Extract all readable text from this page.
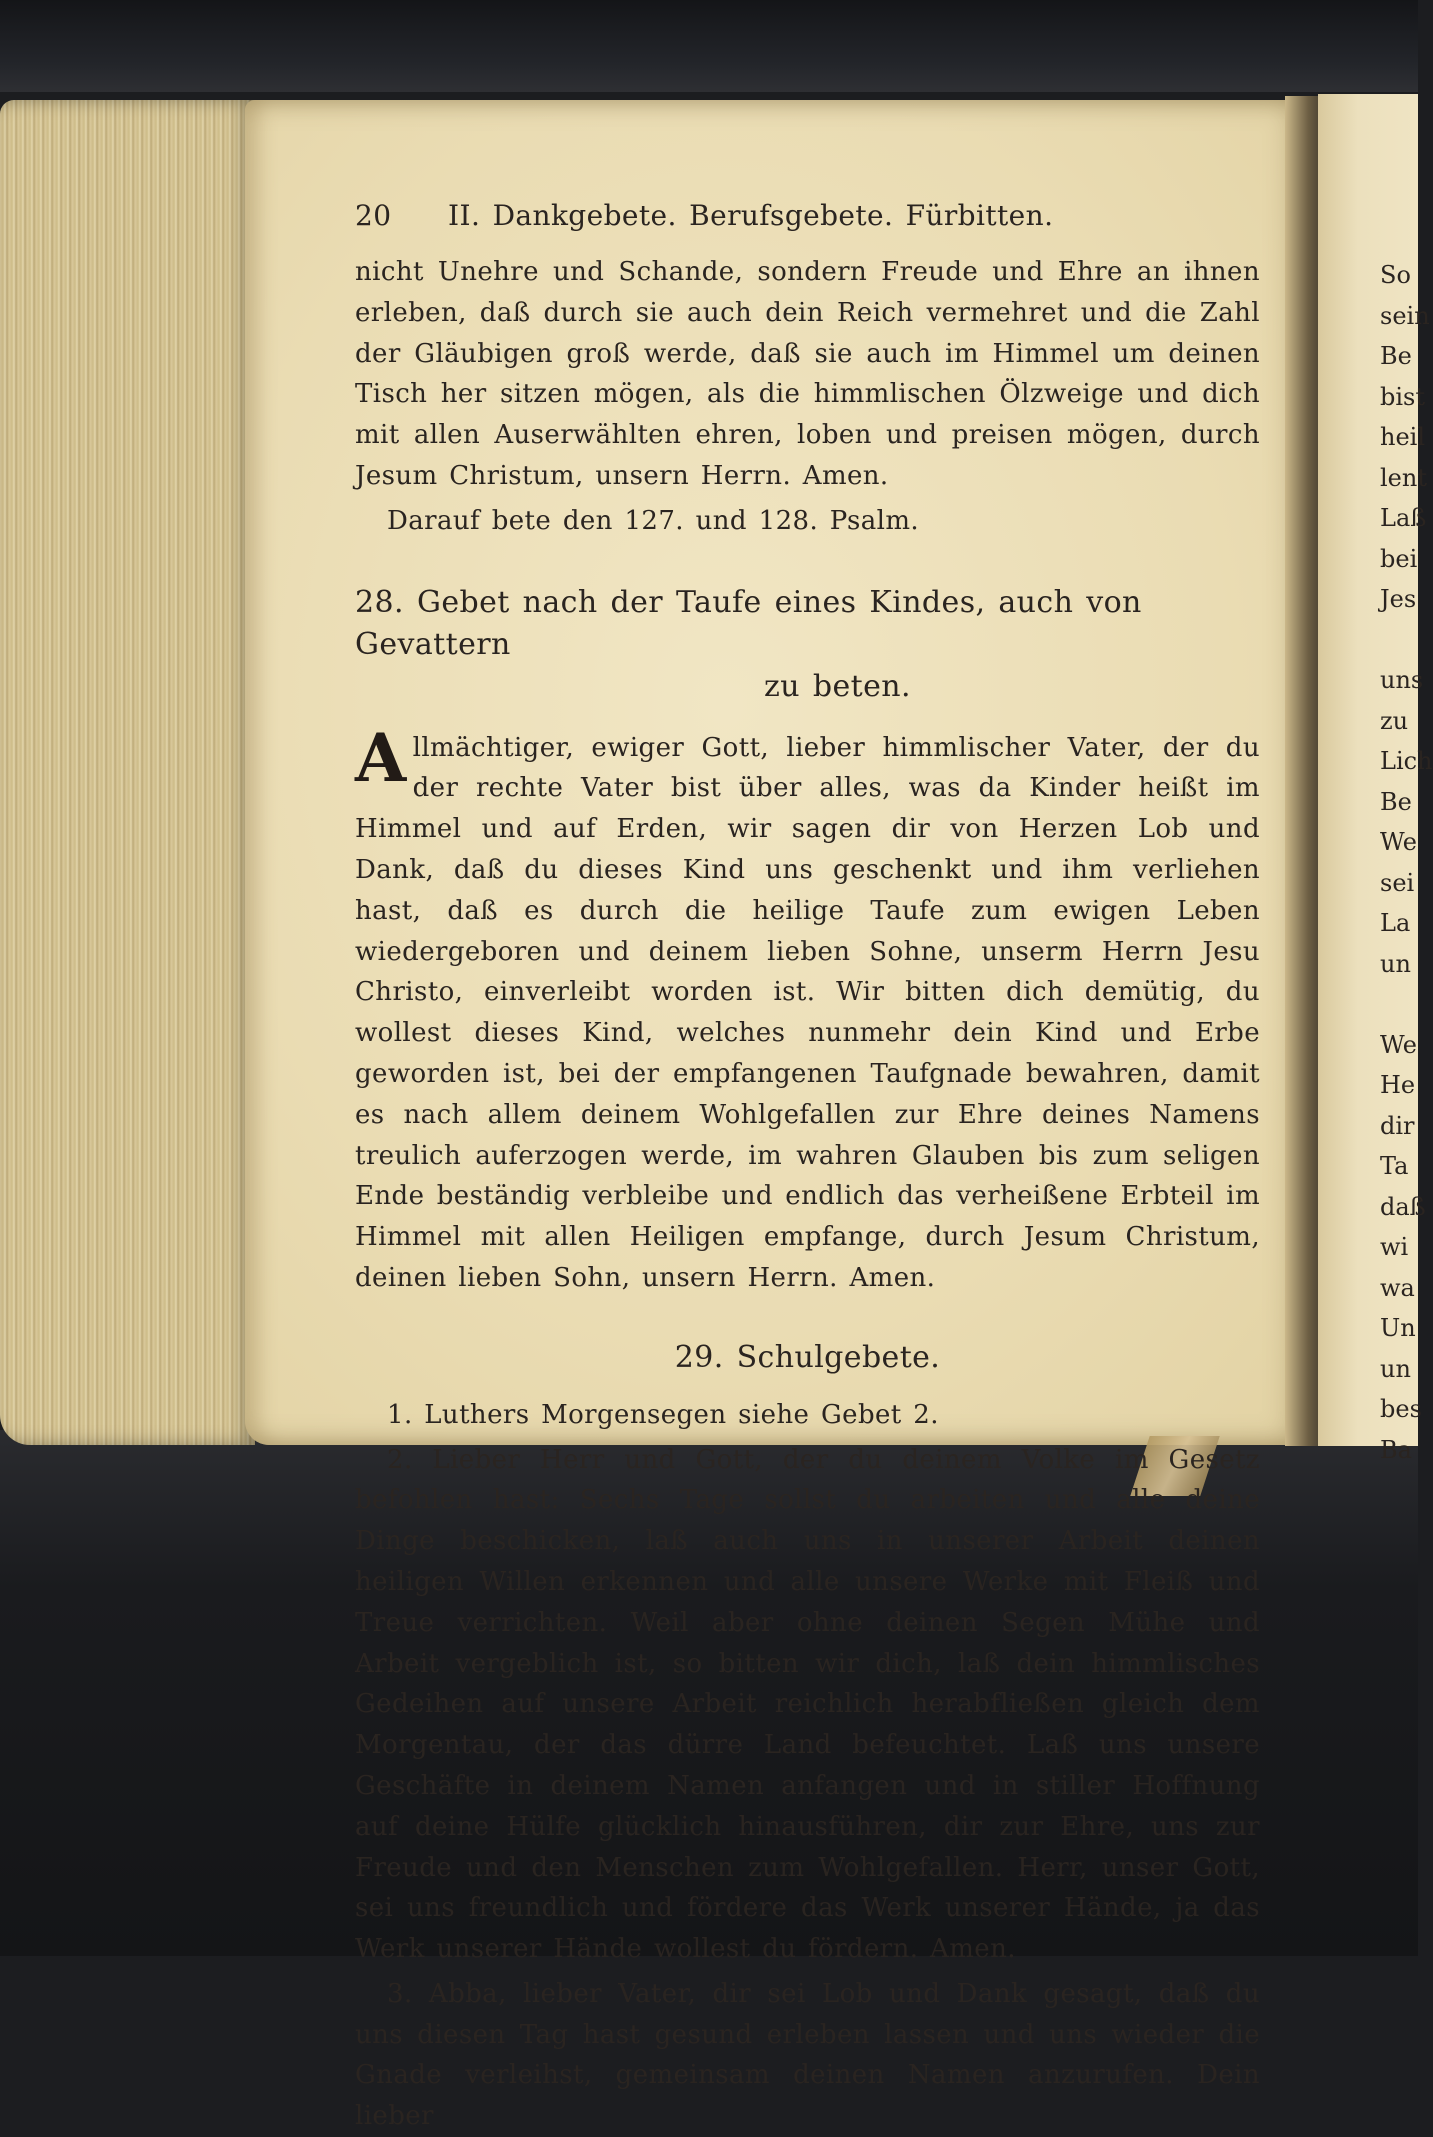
20	II. Dankgebete. Berufsgebete. Fürbitten.

nicht Unehre und Schande, sondern Freude und Ehre an ihnen erleben, daß durch sie auch dein Reich vermehret und die Zahl der Gläubigen groß werde, daß sie auch im Himmel um deinen Tisch her sitzen mögen, als die himmlischen Ölzweige und dich mit allen Auserwählten ehren, loben und preisen mögen, durch Jesum Christum, unsern Herrn. Amen.

Darauf bete den 127. und 128. Psalm.

28. Gebet nach der Taufe eines Kindes, auch von Gevattern
zu beten.

Allmächtiger, ewiger Gott, lieber himmlischer Vater, der du der rechte Vater bist über alles, was da Kinder heißt im Himmel und auf Erden, wir sagen dir von Herzen Lob und Dank, daß du dieses Kind uns geschenkt und ihm verliehen hast, daß es durch die heilige Taufe zum ewigen Leben wiedergeboren und deinem lieben Sohne, unserm Herrn Jesu Christo, einverleibt worden ist. Wir bitten dich demütig, du wollest dieses Kind, welches nunmehr dein Kind und Erbe geworden ist, bei der empfangenen Taufgnade bewahren, damit es nach allem deinem Wohlgefallen zur Ehre deines Namens treulich auferzogen werde, im wahren Glauben bis zum seligen Ende beständig verbleibe und endlich das verheißene Erbteil im Himmel mit allen Heiligen empfange, durch Jesum Christum, deinen lieben Sohn, unsern Herrn. Amen.

29. Schulgebete.

1. Luthers Morgensegen siehe Gebet 2.

2. Lieber Herr und Gott, der du deinem Volke im Gesetz befohlen hast: Sechs Tage sollst du arbeiten und alle deine Dinge beschicken, laß auch uns in unserer Arbeit deinen heiligen Willen erkennen und alle unsere Werke mit Fleiß und Treue verrichten. Weil aber ohne deinen Segen Mühe und Arbeit vergeblich ist, so bitten wir dich, laß dein himmlisches Gedeihen auf unsere Arbeit reichlich herabfließen gleich dem Morgentau, der das dürre Land befeuchtet. Laß uns unsere Geschäfte in deinem Namen anfangen und in stiller Hoffnung auf deine Hülfe glücklich hinausführen, dir zur Ehre, uns zur Freude und den Menschen zum Wohlgefallen. Herr, unser Gott, sei uns freundlich und fördere das Werk unserer Hände, ja das Werk unserer Hände wollest du fördern. Amen.

3. Abba, lieber Vater, dir sei Lob und Dank gesagt, daß du uns diesen Tag hast gesund erleben lassen und uns wieder die Gnade verleihst, gemeinsam deinen Namen anzurufen. Dein lieber

So
sein
Be
bist
heil
lent
Laß
bei
Jes
uns
zu
Lich
Be
We
sei
La
un
We
He
dir
Ta
daß
wi
wa
Un
un
bes
Ba
